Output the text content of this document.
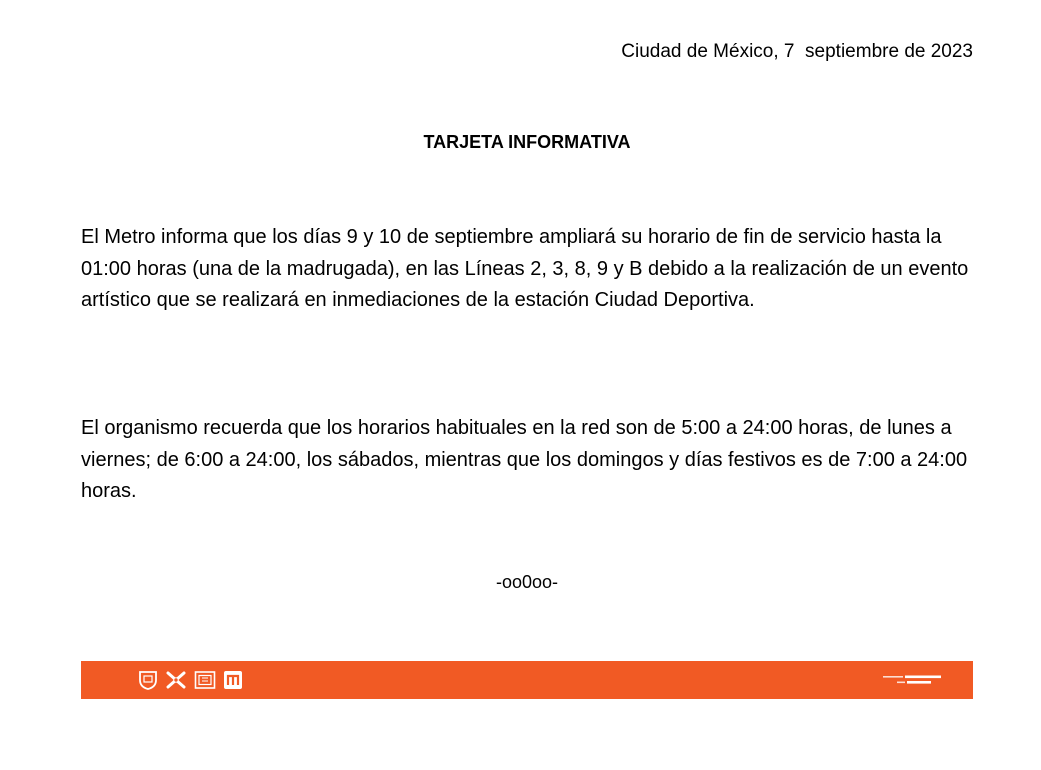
Ciudad de México, 7  septiembre de 2023
TARJETA INFORMATIVA
El Metro informa que los días 9 y 10 de septiembre ampliará su horario de fin de servicio hasta la 01:00 horas (una de la madrugada), en las Líneas 2, 3, 8, 9 y B debido a la realización de un evento artístico que se realizará en inmediaciones de la estación Ciudad Deportiva.
El organismo recuerda que los horarios habituales en la red son de 5:00 a 24:00 horas, de lunes a viernes; de 6:00 a 24:00, los sábados, mientras que los domingos y días festivos es de 7:00 a 24:00 horas.
-oo0oo-
